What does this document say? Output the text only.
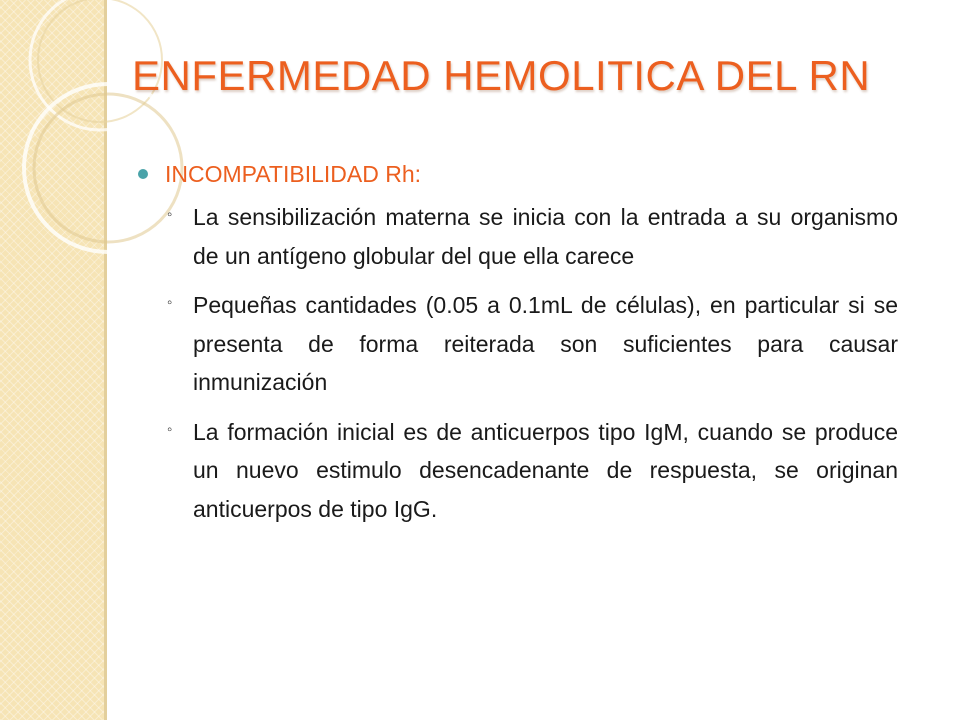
ENFERMEDAD HEMOLITICA DEL RN
INCOMPATIBILIDAD Rh:
◦ La sensibilización materna se inicia con la entrada a su organismo de un antígeno globular del que ella carece
◦ Pequeñas cantidades (0.05 a 0.1mL de células), en particular si se presenta de forma reiterada son suficientes para causar inmunización
◦ La formación inicial es de anticuerpos tipo IgM, cuando se produce un nuevo estimulo desencadenante de respuesta, se originan anticuerpos de tipo IgG.
